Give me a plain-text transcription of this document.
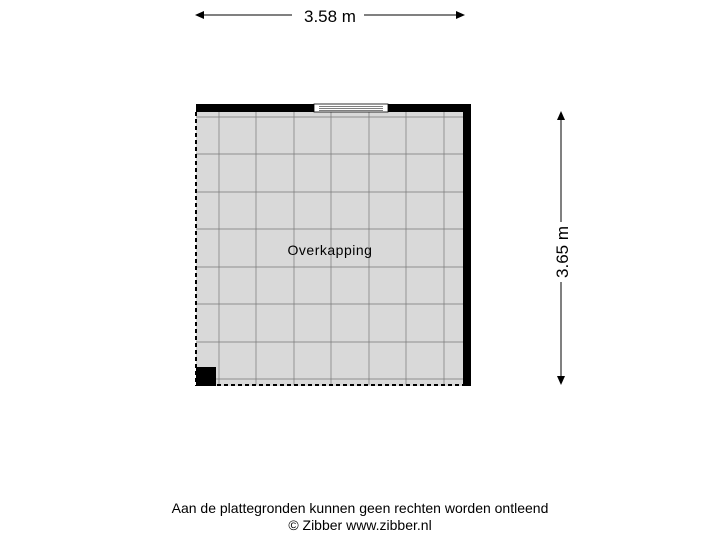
3.58 m
3.65 m
Overkapping
Aan de plattegronden kunnen geen rechten worden ontleend
© Zibber www.zibber.nl
